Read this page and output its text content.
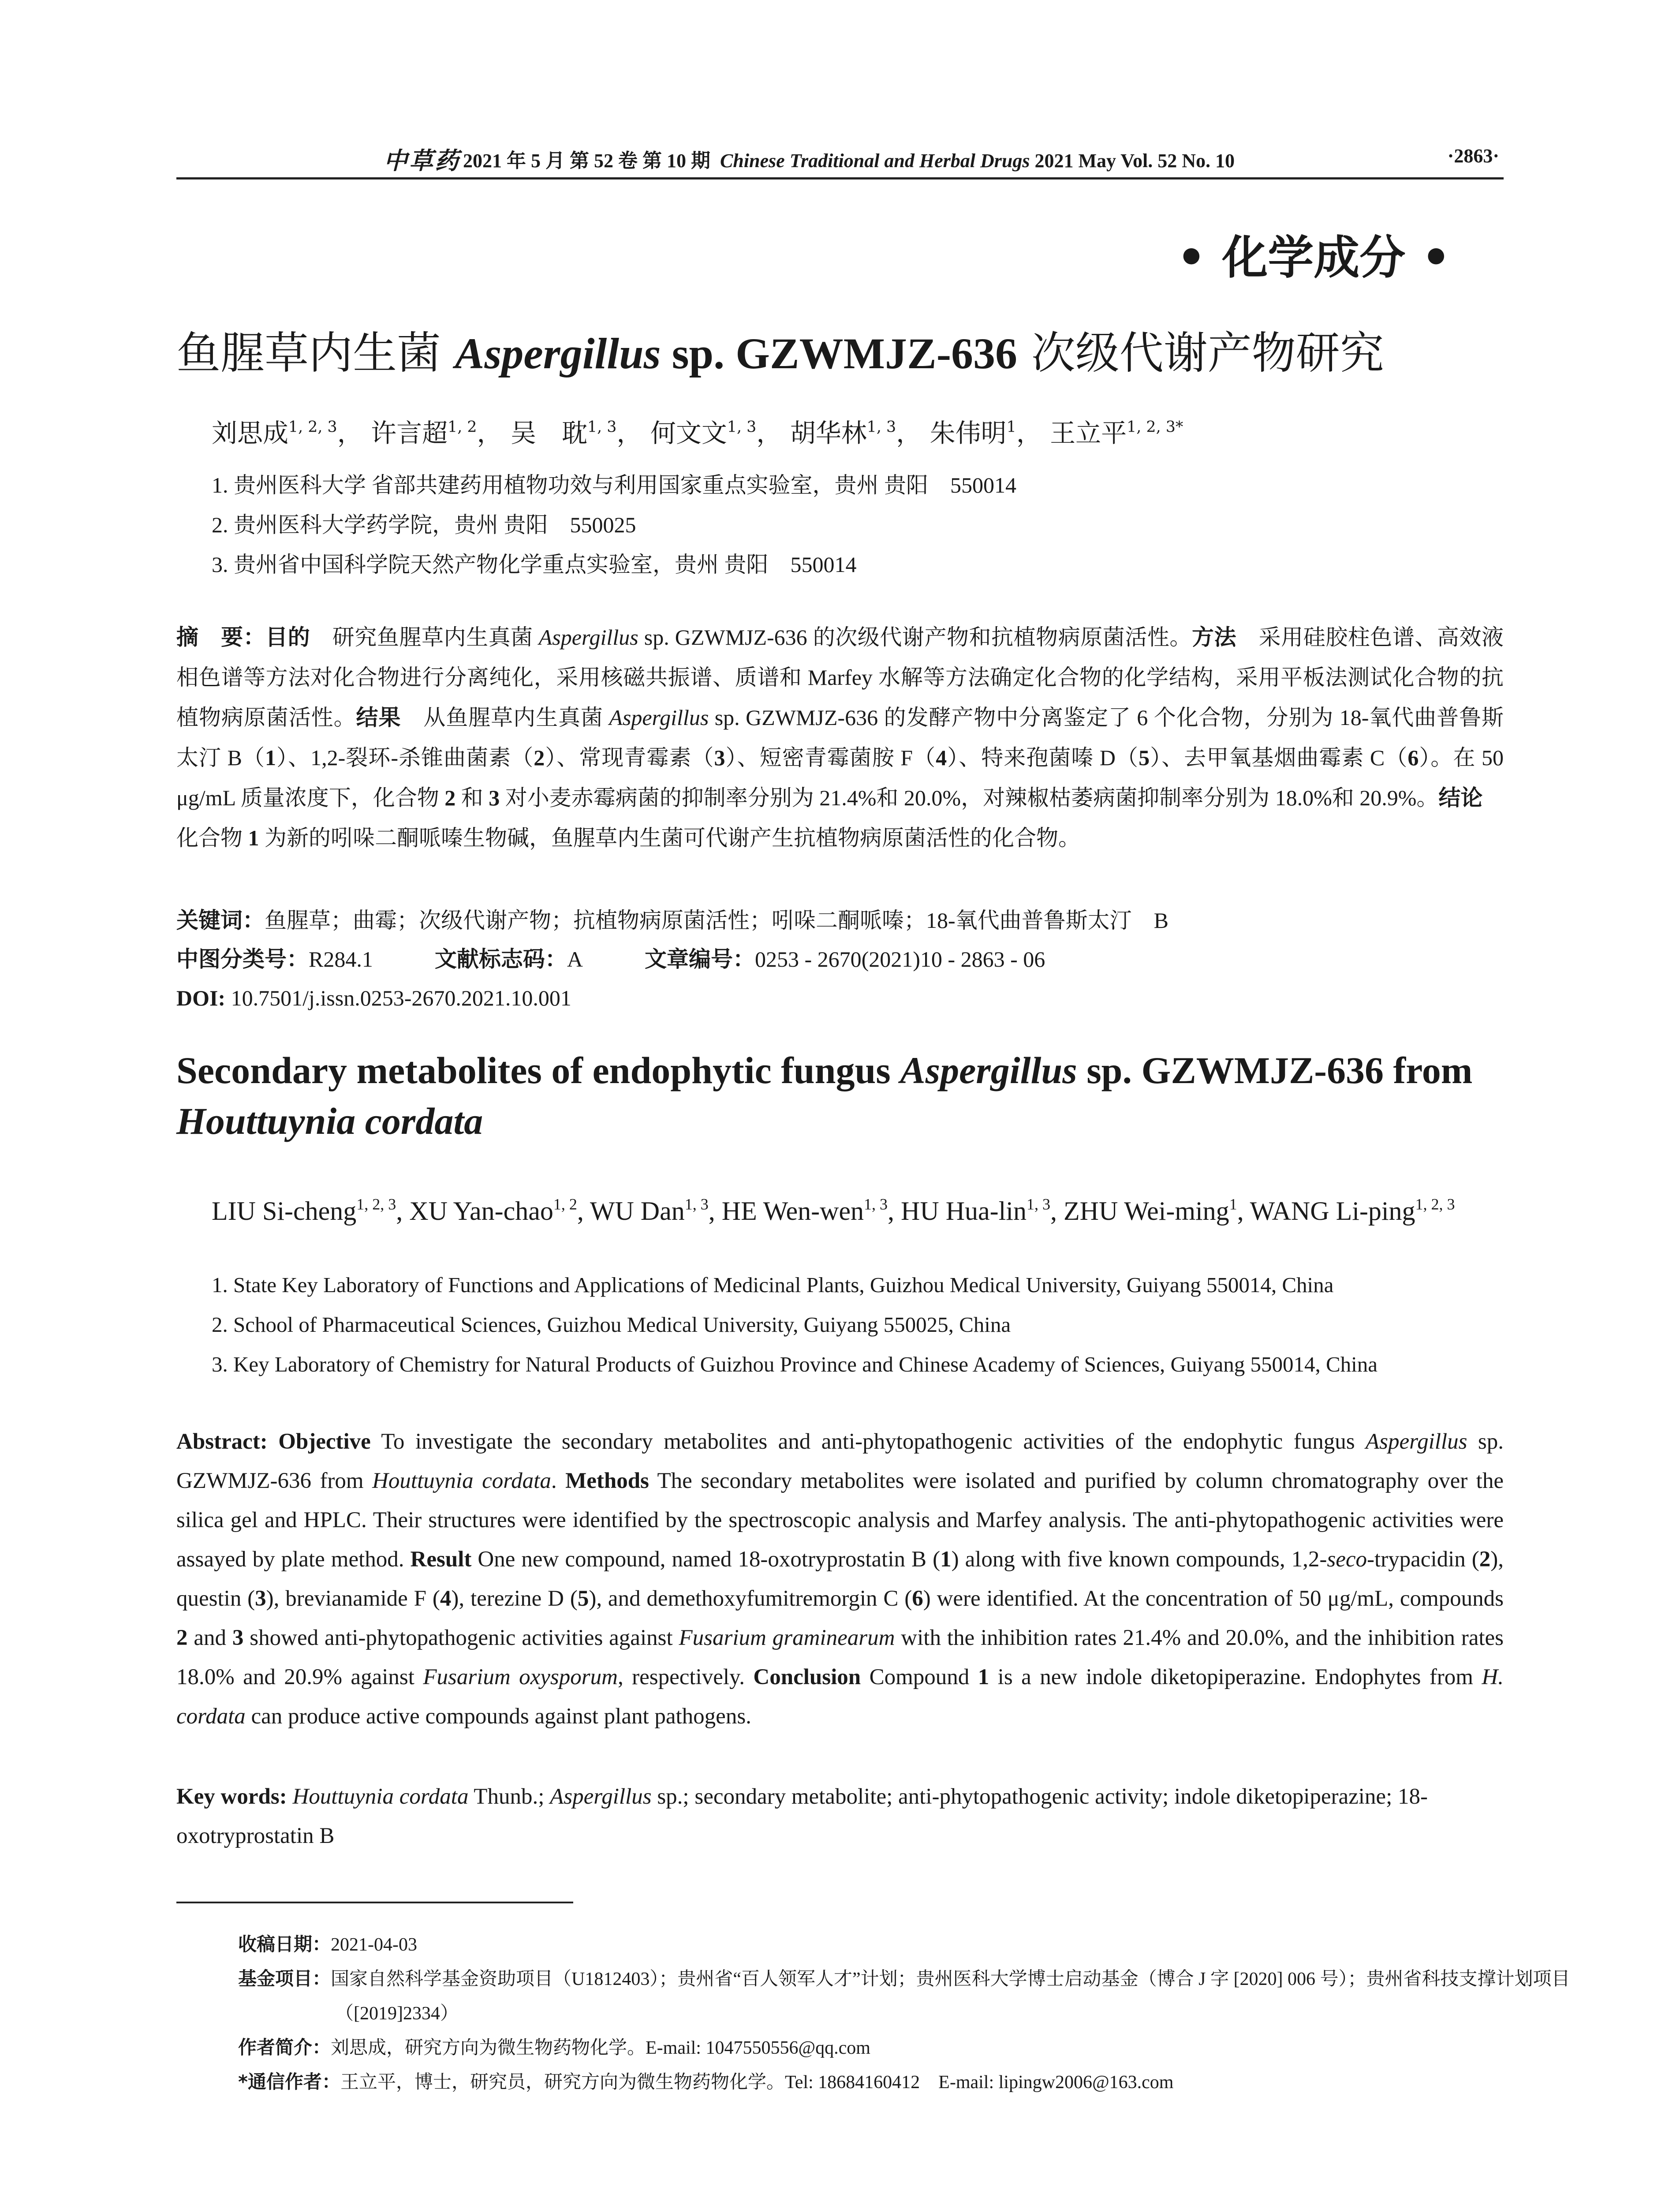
中草药 2021 年 5 月 第 52 卷 第 10 期 Chinese Traditional and Herbal Drugs 2021 May Vol. 52 No. 10	·2863·
• 化学成分 •
鱼腥草内生菌 Aspergillus sp. GZWMJZ-636 次级代谢产物研究
刘思成$^{1, 2, 3}$， 许言超$^{1, 2}$， 吴　耽$^{1, 3}$， 何文文$^{1, 3}$， 胡华林$^{1, 3}$， 朱伟明$^1$， 王立平$^{1, 2, 3*}$
1. 贵州医科大学 省部共建药用植物功效与利用国家重点实验室，贵州 贵阳　550014
2. 贵州医科大学药学院，贵州 贵阳　550025
3. 贵州省中国科学院天然产物化学重点实验室，贵州 贵阳　550014
摘　要：目的　研究鱼腥草内生真菌 Aspergillus sp. GZWMJZ-636 的次级代谢产物和抗植物病原菌活性。方法　采用硅胶柱色谱、高效液相色谱等方法对化合物进行分离纯化，采用核磁共振谱、质谱和 Marfey 水解等方法确定化合物的化学结构，采用平板法测试化合物的抗植物病原菌活性。结果　从鱼腥草内生真菌 Aspergillus sp. GZWMJZ-636 的发酵产物中分离鉴定了 6 个化合物，分别为 18-氧代曲普鲁斯太汀 B（1）、1,2-裂环-杀锥曲菌素（2）、常现青霉素（3）、短密青霉菌胺 F（4）、特来孢菌嗪 D（5）、去甲氧基烟曲霉素 C（6）。在 50 μg/mL 质量浓度下，化合物 2 和 3 对小麦赤霉病菌的抑制率分别为 21.4%和 20.0%，对辣椒枯萎病菌抑制率分别为 18.0%和 20.9%。结论　化合物 1 为新的吲哚二酮哌嗪生物碱，鱼腥草内生菌可代谢产生抗植物病原菌活性的化合物。
关键词：鱼腥草；曲霉；次级代谢产物；抗植物病原菌活性；吲哚二酮哌嗪；18-氧代曲普鲁斯太汀　B
中图分类号：R284.1	文献标志码：A	文章编号：0253 - 2670(2021)10 - 2863 - 06
DOI: 10.7501/j.issn.0253-2670.2021.10.001
Secondary metabolites of endophytic fungus Aspergillus sp. GZWMJZ-636 from
Houttuynia cordata
LIU Si-cheng$^{1, 2, 3}$, XU Yan-chao$^{1, 2}$, WU Dan$^{1, 3}$, HE Wen-wen$^{1, 3}$, HU Hua-lin$^{1, 3}$, ZHU Wei-ming$^1$, WANG Li-ping$^{1, 2, 3}$
1. State Key Laboratory of Functions and Applications of Medicinal Plants, Guizhou Medical University, Guiyang 550014, China
2. School of Pharmaceutical Sciences, Guizhou Medical University, Guiyang 550025, China
3. Key Laboratory of Chemistry for Natural Products of Guizhou Province and Chinese Academy of Sciences, Guiyang 550014, China
Abstract: Objective To investigate the secondary metabolites and anti-phytopathogenic activities of the endophytic fungus Aspergillus sp. GZWMJZ-636 from Houttuynia cordata. Methods The secondary metabolites were isolated and purified by column chromatography over the silica gel and HPLC. Their structures were identified by the spectroscopic analysis and Marfey analysis. The anti-phytopathogenic activities were assayed by plate method. Result One new compound, named 18-oxotryprostatin B (1) along with five known compounds, 1,2-seco-trypacidin (2), questin (3), brevianamide F (4), terezine D (5), and demethoxyfumitremorgin C (6) were identified. At the concentration of 50 μg/mL, compounds 2 and 3 showed anti-phytopathogenic activities against Fusarium graminearum with the inhibition rates 21.4% and 20.0%, and the inhibition rates 18.0% and 20.9% against Fusarium oxysporum, respectively. Conclusion Compound 1 is a new indole diketopiperazine. Endophytes from H. cordata can produce active compounds against plant pathogens.
Key words: Houttuynia cordata Thunb.; Aspergillus sp.; secondary metabolite; anti-phytopathogenic activity; indole diketopiperazine; 18-oxotryprostatin B
收稿日期：2021-04-03
基金项目：国家自然科学基金资助项目（U1812403）；贵州省“百人领军人才”计划；贵州医科大学博士启动基金（博合 J 字 [2020] 006 号）；贵州省科技支撑计划项目（[2019]2334）
作者简介：刘思成，研究方向为微生物药物化学。E-mail: 1047550556@qq.com
*通信作者：王立平，博士，研究员，研究方向为微生物药物化学。Tel: 18684160412　E-mail: lipingw2006@163.com
